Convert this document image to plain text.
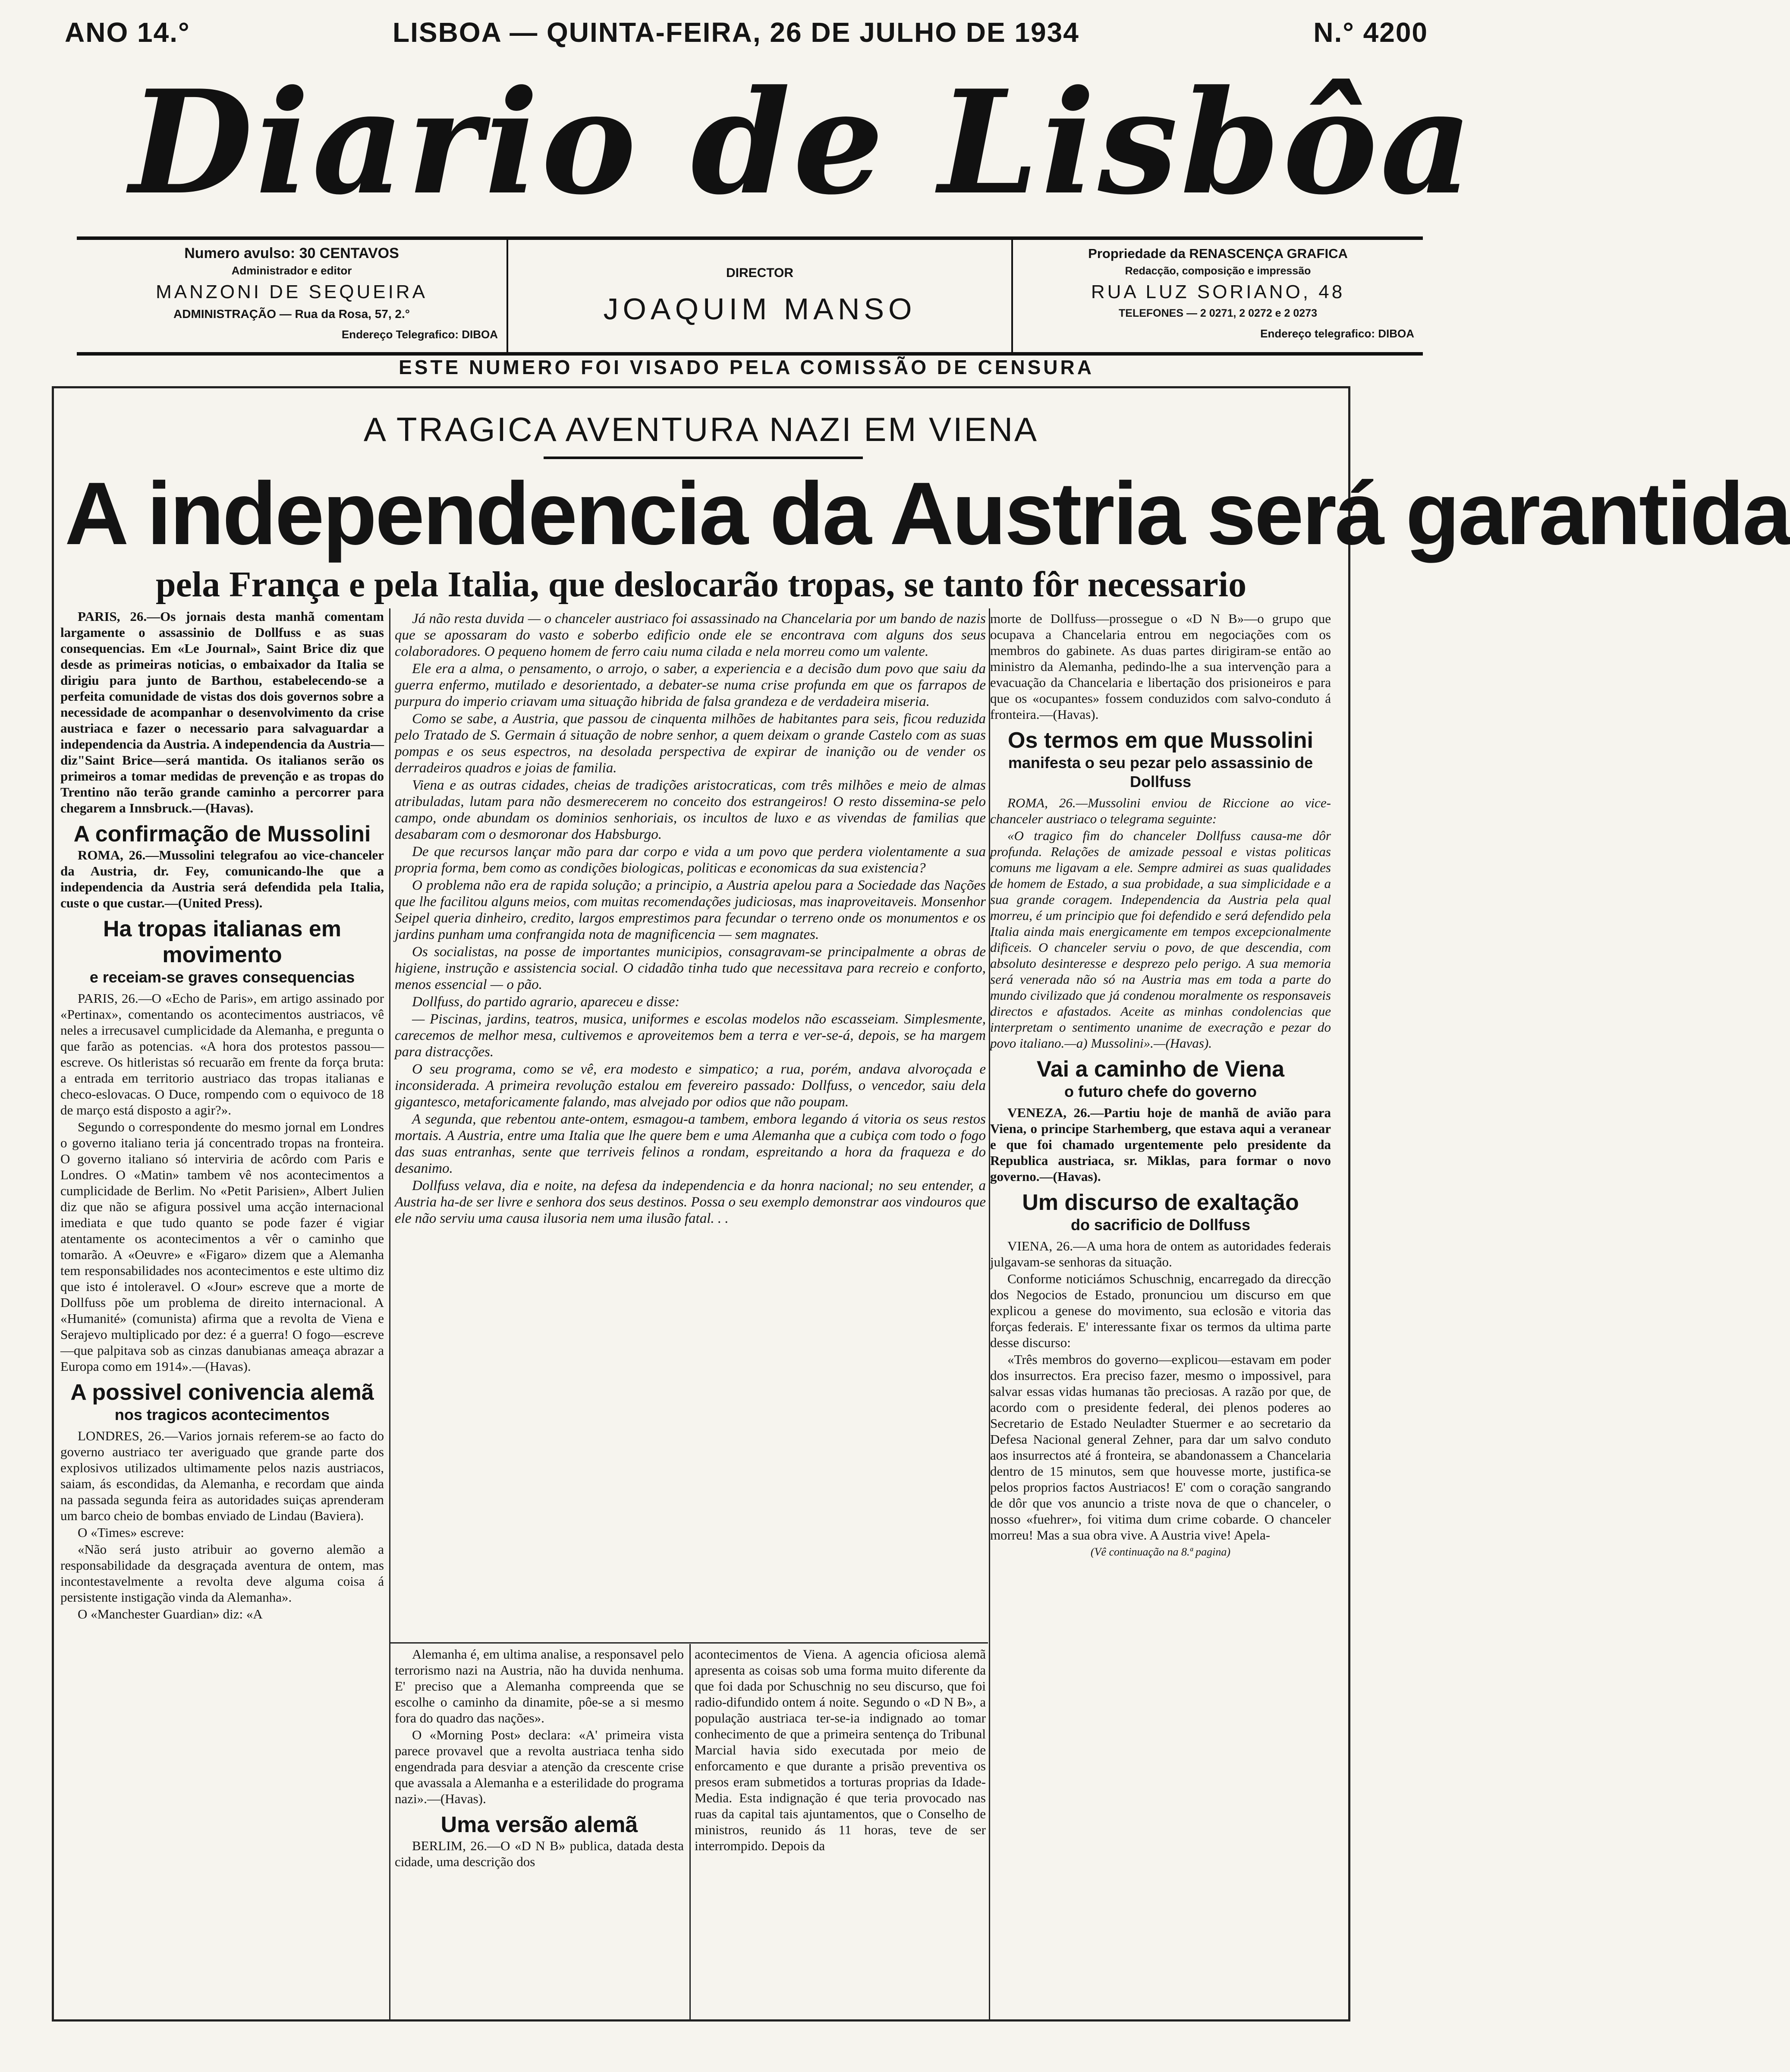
ANO 14.°	LISBOA — QUINTA-FEIRA, 26 DE JULHO DE 1934	N.° 4200
Diario de Lisbôa
Numero avulso: 30 CENTAVOS
Administrador e editor
MANZONI DE SEQUEIRA
ADMINISTRAÇÃO — Rua da Rosa, 57, 2.°
Endereço Telegrafico: DIBOA
DIRECTOR
JOAQUIM MANSO
Propriedade da RENASCENÇA GRAFICA
Redacção, composição e impressão
RUA LUZ SORIANO, 48
TELEFONES — 2 0271, 2 0272 e 2 0273
Endereço telegrafico: DIBOA
ESTE NUMERO FOI VISADO PELA COMISSÃO DE CENSURA
A TRAGICA AVENTURA NAZI EM VIENA
A independencia da Austria será garantida
pela França e pela Italia, que deslocarão tropas, se tanto fôr necessario

PARIS, 26.—Os jornais desta manhã comentam largamente o assassinio de Dollfuss e as suas consequencias. Em «Le Journal», Saint Brice diz que desde as primeiras noticias, o embaixador da Italia se dirigiu para junto de Barthou, estabelecendo-se a perfeita comunidade de vistas dos dois governos sobre a necessidade de acompanhar o desenvolvimento da crise austriaca e fazer o necessario para salvaguardar a independencia da Austria. A independencia da Austria—diz"Saint Brice—será mantida. Os italianos serão os primeiros a tomar medidas de prevenção e as tropas do Trentino não terão grande caminho a percorrer para chegarem a Innsbruck.—(Havas).

A confirmação de Mussolini

ROMA, 26.—Mussolini telegrafou ao vice-chanceler da Austria, dr. Fey, comunicando-lhe que a independencia da Austria será defendida pela Italia, custe o que custar.—(United Press).

Ha tropas italianas em movimento
e receiam-se graves consequencias

PARIS, 26.—O «Echo de Paris», em artigo assinado por «Pertinax», comentando os acontecimentos austriacos, vê neles a irrecusavel cumplicidade da Alemanha, e pregunta o que farão as potencias. «A hora dos protestos passou—escreve. Os hitleristas só recuarão em frente da força bruta: a entrada em territorio austriaco das tropas italianas e checo-eslovacas. O Duce, rompendo com o equivoco de 18 de março está disposto a agir?».

Segundo o correspondente do mesmo jornal em Londres o governo italiano teria já concentrado tropas na fronteira. O governo italiano só interviria de acôrdo com Paris e Londres. O «Matin» tambem vê nos acontecimentos a cumplicidade de Berlim. No «Petit Parisien», Albert Julien diz que não se afigura possivel uma acção internacional imediata e que tudo quanto se pode fazer é vigiar atentamente os acontecimentos a vêr o caminho que tomarão. A «Oeuvre» e «Figaro» dizem que a Alemanha tem responsabilidades nos acontecimentos e este ultimo diz que isto é intoleravel. O «Jour» escreve que a morte de Dollfuss põe um problema de direito internacional. A «Humanité» (comunista) afirma que a revolta de Viena e Serajevo multiplicado por dez: é a guerra! O fogo—escreve—que palpitava sob as cinzas danubianas ameaça abrazar a Europa como em 1914».—(Havas).

A possivel conivencia alemã
nos tragicos acontecimentos

LONDRES, 26.—Varios jornais referem-se ao facto do governo austriaco ter averiguado que grande parte dos explosivos utilizados ultimamente pelos nazis austriacos, saiam, ás escondidas, da Alemanha, e recordam que ainda na passada segunda feira as autoridades suiças aprenderam um barco cheio de bombas enviado de Lindau (Baviera).

O «Times» escreve:

«Não será justo atribuir ao governo alemão a responsabilidade da desgraçada aventura de ontem, mas incontestavelmente a revolta deve alguma coisa á persistente instigação vinda da Alemanha».

O «Manchester Guardian» diz: «A

Já não resta duvida — o chanceler austriaco foi assassinado na Chancelaria por um bando de nazis que se apossaram do vasto e soberbo edificio onde ele se encontrava com alguns dos seus colaboradores. O pequeno homem de ferro caiu numa cilada e nela morreu como um valente.

Ele era a alma, o pensamento, o arrojo, o saber, a experiencia e a decisão dum povo que saiu da guerra enfermo, mutilado e desorientado, a debater-se numa crise profunda em que os farrapos de purpura do imperio criavam uma situação hibrida de falsa grandeza e de verdadeira miseria.

Como se sabe, a Austria, que passou de cinquenta milhões de habitantes para seis, ficou reduzida pelo Tratado de S. Germain á situação de nobre senhor, a quem deixam o grande Castelo com as suas pompas e os seus espectros, na desolada perspectiva de expirar de inanição ou de vender os derradeiros quadros e joias de familia.

Viena e as outras cidades, cheias de tradições aristocraticas, com três milhões e meio de almas atribuladas, lutam para não desmerecerem no conceito dos estrangeiros! O resto dissemina-se pelo campo, onde abundam os dominios senhoriais, os incultos de luxo e as vivendas de familias que desabaram com o desmoronar dos Habsburgo.

De que recursos lançar mão para dar corpo e vida a um povo que perdera violentamente a sua propria forma, bem como as condições biologicas, politicas e economicas da sua existencia?

O problema não era de rapida solução; a principio, a Austria apelou para a Sociedade das Nações que lhe facilitou alguns meios, com muitas recomendações judiciosas, mas inaproveitaveis. Monsenhor Seipel queria dinheiro, credito, largos emprestimos para fecundar o terreno onde os monumentos e os jardins punham uma confrangida nota de magnificencia — sem magnates.

Os socialistas, na posse de importantes municipios, consagravam-se principalmente a obras de higiene, instrução e assistencia social. O cidadão tinha tudo que necessitava para recreio e conforto, menos essencial — o pão.

Dollfuss, do partido agrario, apareceu e disse:

— Piscinas, jardins, teatros, musica, uniformes e escolas modelos não escasseiam. Simplesmente, carecemos de melhor mesa, cultivemos e aproveitemos bem a terra e ver-se-á, depois, se ha margem para distracções.

O seu programa, como se vê, era modesto e simpatico; a rua, porém, andava alvoroçada e inconsiderada. A primeira revolução estalou em fevereiro passado: Dollfuss, o vencedor, saiu dela gigantesco, metaforicamente falando, mas alvejado por odios que não poupam.

A segunda, que rebentou ante-ontem, esmagou-a tambem, embora legando á vitoria os seus restos mortais. A Austria, entre uma Italia que lhe quere bem e uma Alemanha que a cubiça com todo o fogo das suas entranhas, sente que terriveis felinos a rondam, espreitando a hora da fraqueza e do desanimo.

Dollfuss velava, dia e noite, na defesa da independencia e da honra nacional; no seu entender, a Austria ha-de ser livre e senhora dos seus destinos. Possa o seu exemplo demonstrar aos vindouros que ele não serviu uma causa ilusoria nem uma ilusão fatal. . .

Alemanha é, em ultima analise, a responsavel pelo terrorismo nazi na Austria, não ha duvida nenhuma. E' preciso que a Alemanha compreenda que se escolhe o caminho da dinamite, pôe-se a si mesmo fora do quadro das nações».

O «Morning Post» declara: «A' primeira vista parece provavel que a revolta austriaca tenha sido engendrada para desviar a atenção da crescente crise que avassala a Alemanha e a esterilidade do programa nazi».—(Havas).

Uma versão alemã

BERLIM, 26.—O «D N B» publica, datada desta cidade, uma descrição dos

acontecimentos de Viena. A agencia oficiosa alemã apresenta as coisas sob uma forma muito diferente da que foi dada por Schuschnig no seu discurso, que foi radio-difundido ontem á noite. Segundo o «D N B», a população austriaca ter-se-ia indignado ao tomar conhecimento de que a primeira sentença do Tribunal Marcial havia sido executada por meio de enforcamento e que durante a prisão preventiva os presos eram submetidos a torturas proprias da Idade-Media. Esta indignação é que teria provocado nas ruas da capital tais ajuntamentos, que o Conselho de ministros, reunido ás 11 horas, teve de ser interrompido. Depois da

morte de Dollfuss—prossegue o «D N B»—o grupo que ocupava a Chancelaria entrou em negociações com os membros do gabinete. As duas partes dirigiram-se então ao ministro da Alemanha, pedindo-lhe a sua intervenção para a evacuação da Chancelaria e libertação dos prisioneiros e para que os «ocupantes» fossem conduzidos com salvo-conduto á fronteira.—(Havas).

Os termos em que Mussolini
manifesta o seu pezar pelo assassinio de Dollfuss

ROMA, 26.—Mussolini enviou de Riccione ao vice-chanceler austriaco o telegrama seguinte:

«O tragico fim do chanceler Dollfuss causa-me dôr profunda. Relações de amizade pessoal e vistas politicas comuns me ligavam a ele. Sempre admirei as suas qualidades de homem de Estado, a sua probidade, a sua simplicidade e a sua grande coragem. Independencia da Austria pela qual morreu, é um principio que foi defendido e será defendido pela Italia ainda mais energicamente em tempos excepcionalmente dificeis. O chanceler serviu o povo, de que descendia, com absoluto desinteresse e desprezo pelo perigo. A sua memoria será venerada não só na Austria mas em toda a parte do mundo civilizado que já condenou moralmente os responsaveis directos e afastados. Aceite as minhas condolencias que interpretam o sentimento unanime de execração e pezar do povo italiano.—a) Mussolini».—(Havas).

Vai a caminho de Viena
o futuro chefe do governo

VENEZA, 26.—Partiu hoje de manhã de avião para Viena, o principe Starhemberg, que estava aqui a veranear e que foi chamado urgentemente pelo presidente da Republica austriaca, sr. Miklas, para formar o novo governo.—(Havas).

Um discurso de exaltação
do sacrificio de Dollfuss

VIENA, 26.—A uma hora de ontem as autoridades federais julgavam-se senhoras da situação.

Conforme noticiámos Schuschnig, encarregado da direcção dos Negocios de Estado, pronunciou um discurso em que explicou a genese do movimento, sua eclosão e vitoria das forças federais. E' interessante fixar os termos da ultima parte desse discurso:

«Três membros do governo—explicou—estavam em poder dos insurrectos. Era preciso fazer, mesmo o impossivel, para salvar essas vidas humanas tão preciosas. A razão por que, de acordo com o presidente federal, dei plenos poderes ao Secretario de Estado Neuladter Stuermer e ao secretario da Defesa Nacional general Zehner, para dar um salvo conduto aos insurrectos até á fronteira, se abandonassem a Chancelaria dentro de 15 minutos, sem que houvesse morte, justifica-se pelos proprios factos Austriacos! E' com o coração sangrando de dôr que vos anuncio a triste nova de que o chanceler, o nosso «fuehrer», foi vitima dum crime cobarde. O chanceler morreu! Mas a sua obra vive. A Austria vive! Apela-

(Vê continuação na 8.ª pagina)
